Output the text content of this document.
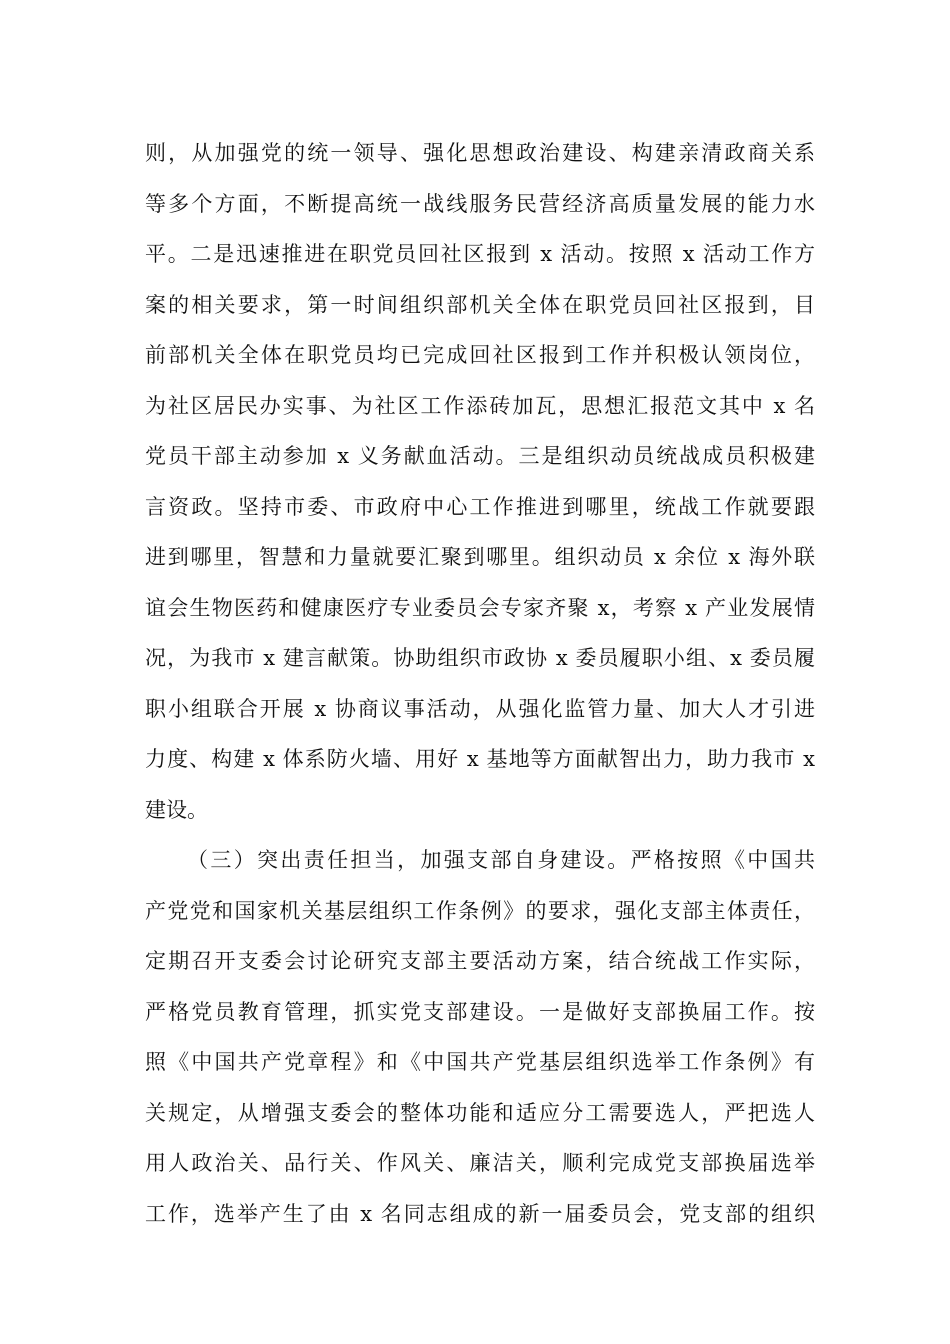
则，从加强党的统一领导、强化思想政治建设、构建亲清政商关系
等多个方面，不断提高统一战线服务民营经济高质量发展的能力水
平。二是迅速推进在职党员回社区报到 x 活动。按照 x 活动工作方
案的相关要求，第一时间组织部机关全体在职党员回社区报到，目
前部机关全体在职党员均已完成回社区报到工作并积极认领岗位，
为社区居民办实事、为社区工作添砖加瓦，思想汇报范文其中 x 名
党员干部主动参加 x 义务献血活动。三是组织动员统战成员积极建
言资政。坚持市委、市政府中心工作推进到哪里，统战工作就要跟
进到哪里，智慧和力量就要汇聚到哪里。组织动员 x 余位 x 海外联
谊会生物医药和健康医疗专业委员会专家齐聚 x，考察 x 产业发展情
况，为我市 x 建言献策。协助组织市政协 x 委员履职小组、x 委员履
职小组联合开展 x 协商议事活动，从强化监管力量、加大人才引进
力度、构建 x 体系防火墙、用好 x 基地等方面献智出力，助力我市 x
建设。
（三）突出责任担当，加强支部自身建设。严格按照《中国共
产党党和国家机关基层组织工作条例》的要求，强化支部主体责任，
定期召开支委会讨论研究支部主要活动方案，结合统战工作实际，
严格党员教育管理，抓实党支部建设。一是做好支部换届工作。按
照《中国共产党章程》和《中国共产党基层组织选举工作条例》有
关规定，从增强支委会的整体功能和适应分工需要选人，严把选人
用人政治关、品行关、作风关、廉洁关，顺利完成党支部换届选举
工作，选举产生了由 x 名同志组成的新一届委员会，党支部的组织
